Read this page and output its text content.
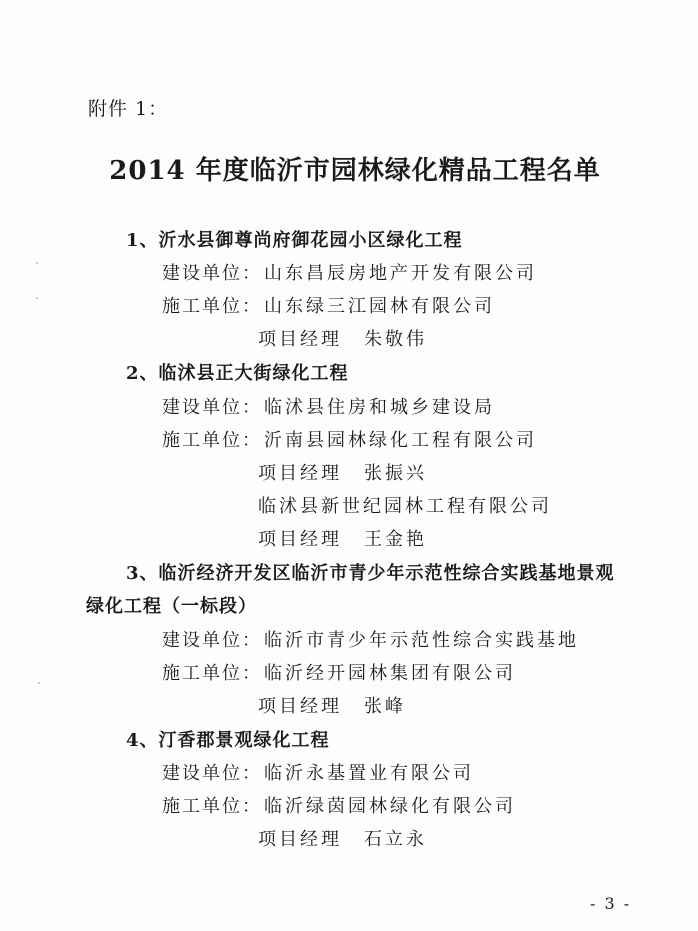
附件 1：
2014 年度临沂市园林绿化精品工程名单
1、沂水县御尊尚府御花园小区绿化工程
建设单位： 山东昌辰房地产开发有限公司
施工单位： 山东绿三江园林有限公司
项目经理 朱敬伟
2、临沭县正大街绿化工程
建设单位： 临沭县住房和城乡建设局
施工单位： 沂南县园林绿化工程有限公司
项目经理 张振兴
临沭县新世纪园林工程有限公司
项目经理 王金艳
3、临沂经济开发区临沂市青少年示范性综合实践基地景观
绿化工程（一标段）
建设单位： 临沂市青少年示范性综合实践基地
施工单位： 临沂经开园林集团有限公司
项目经理 张峰
4、汀香郡景观绿化工程
建设单位： 临沂永基置业有限公司
施工单位： 临沂绿茵园林绿化有限公司
项目经理 石立永
- 3 -
